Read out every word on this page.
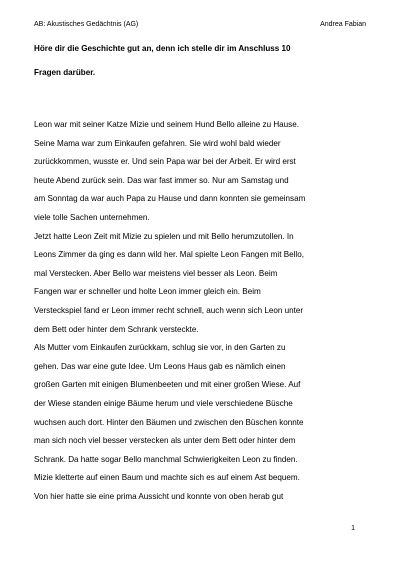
AB: Akustisches Gedächtnis (AG)	Andrea Fabian
Höre dir die Geschichte gut an, denn ich stelle dir im Anschluss 10
Fragen darüber.
Leon war mit seiner Katze Mizie und seinem Hund Bello alleine zu Hause.
Seine Mama war zum Einkaufen gefahren. Sie wird wohl bald wieder
zurückkommen, wusste er. Und sein Papa war bei der Arbeit. Er wird erst
heute Abend zurück sein. Das war fast immer so. Nur am Samstag und
am Sonntag da war auch Papa zu Hause und dann konnten sie gemeinsam
viele tolle Sachen unternehmen.
Jetzt hatte Leon Zeit mit Mizie zu spielen und mit Bello herumzutollen. In
Leons Zimmer da ging es dann wild her. Mal spielte Leon Fangen mit Bello,
mal Verstecken. Aber Bello war meistens viel besser als Leon. Beim
Fangen war er schneller und holte Leon immer gleich ein. Beim
Versteckspiel fand er Leon immer recht schnell, auch wenn sich Leon unter
dem Bett oder hinter dem Schrank versteckte.
Als Mutter vom Einkaufen zurückkam, schlug sie vor, in den Garten zu
gehen. Das war eine gute Idee. Um Leons Haus gab es nämlich einen
großen Garten mit einigen Blumenbeeten und mit einer großen Wiese. Auf
der Wiese standen einige Bäume herum und viele verschiedene Büsche
wuchsen auch dort. Hinter den Bäumen und zwischen den Büschen konnte
man sich noch viel besser verstecken als unter dem Bett oder hinter dem
Schrank. Da hatte sogar Bello manchmal Schwierigkeiten Leon zu finden.
Mizie kletterte auf einen Baum und machte sich es auf einem Ast bequem.
Von hier hatte sie eine prima Aussicht und konnte von oben herab gut
1
